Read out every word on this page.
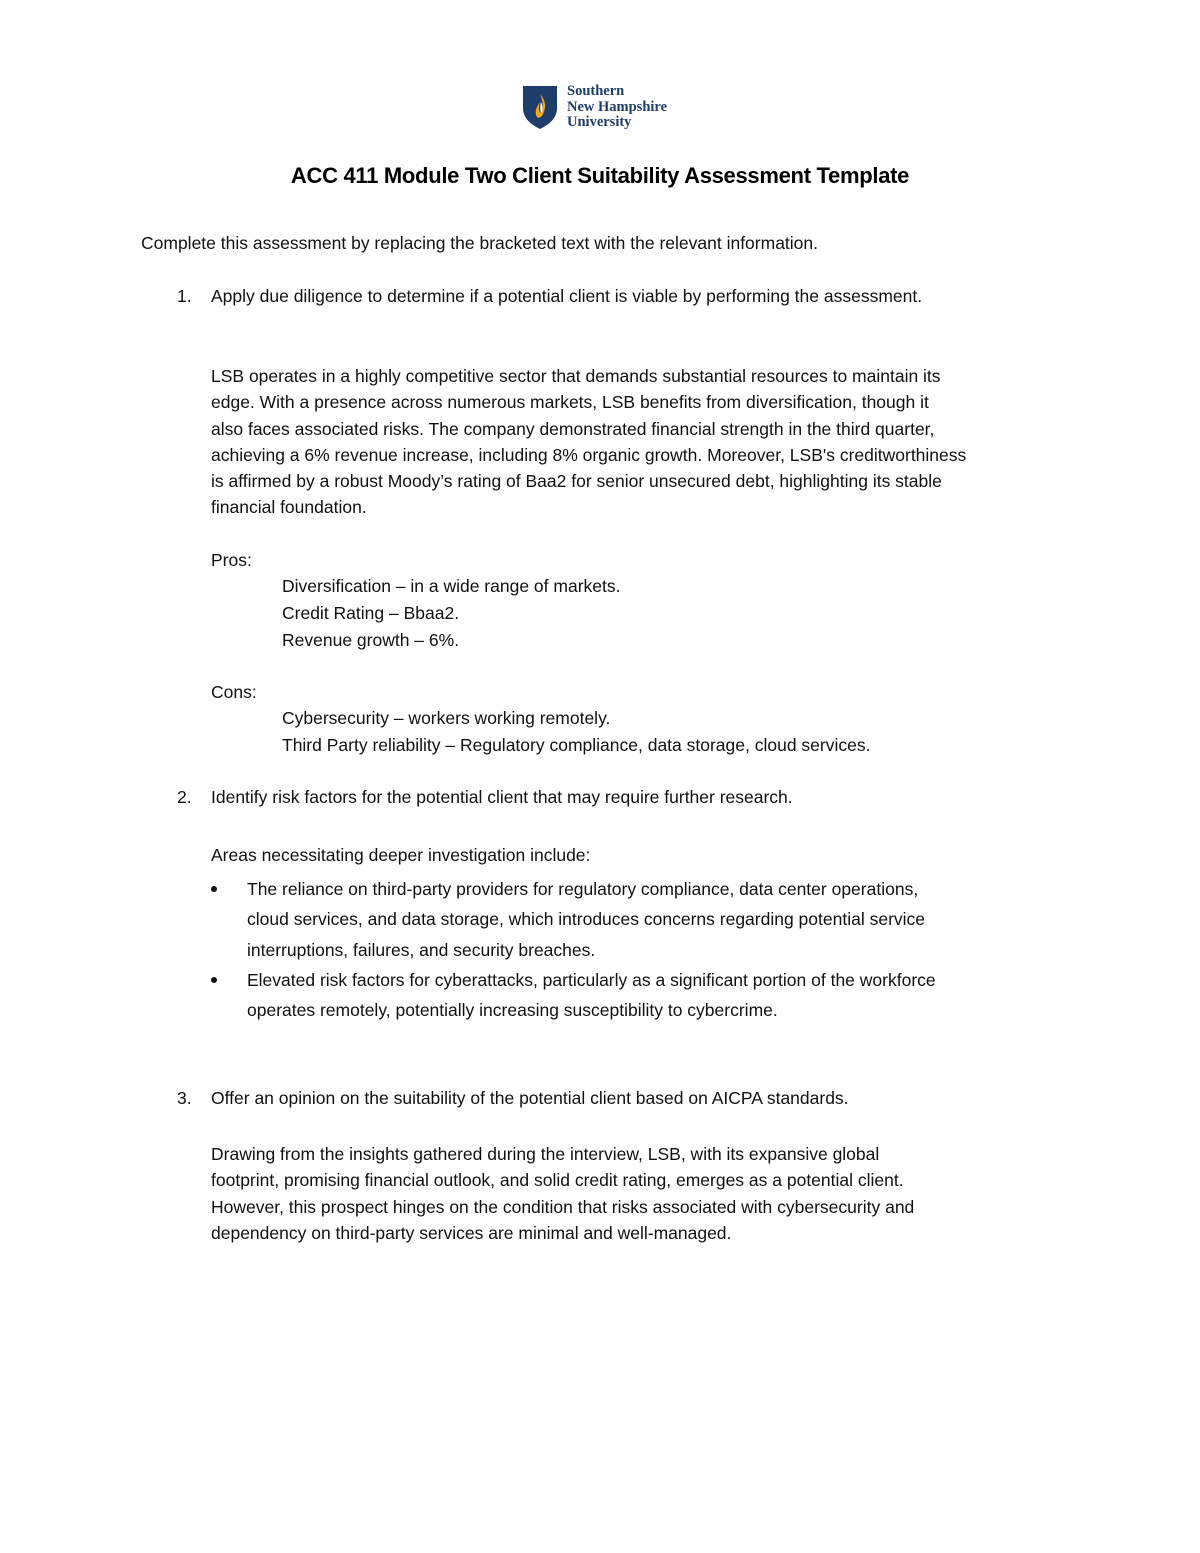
Southern
New Hampshire
University
ACC 411 Module Two Client Suitability Assessment Template
Complete this assessment by replacing the bracketed text with the relevant information.
1. Apply due diligence to determine if a potential client is viable by performing the assessment.
LSB operates in a highly competitive sector that demands substantial resources to maintain its
edge. With a presence across numerous markets, LSB benefits from diversification, though it
also faces associated risks. The company demonstrated financial strength in the third quarter,
achieving a 6% revenue increase, including 8% organic growth. Moreover, LSB's creditworthiness
is affirmed by a robust Moody’s rating of Baa2 for senior unsecured debt, highlighting its stable
financial foundation.
Pros:
Diversification – in a wide range of markets.
Credit Rating – Bbaa2.
Revenue growth – 6%.
Cons:
Cybersecurity – workers working remotely.
Third Party reliability – Regulatory compliance, data storage, cloud services.
2. Identify risk factors for the potential client that may require further research.
Areas necessitating deeper investigation include:
The reliance on third-party providers for regulatory compliance, data center operations,
cloud services, and data storage, which introduces concerns regarding potential service
interruptions, failures, and security breaches.
Elevated risk factors for cyberattacks, particularly as a significant portion of the workforce
operates remotely, potentially increasing susceptibility to cybercrime.
3. Offer an opinion on the suitability of the potential client based on AICPA standards.
Drawing from the insights gathered during the interview, LSB, with its expansive global
footprint, promising financial outlook, and solid credit rating, emerges as a potential client.
However, this prospect hinges on the condition that risks associated with cybersecurity and
dependency on third-party services are minimal and well-managed.
